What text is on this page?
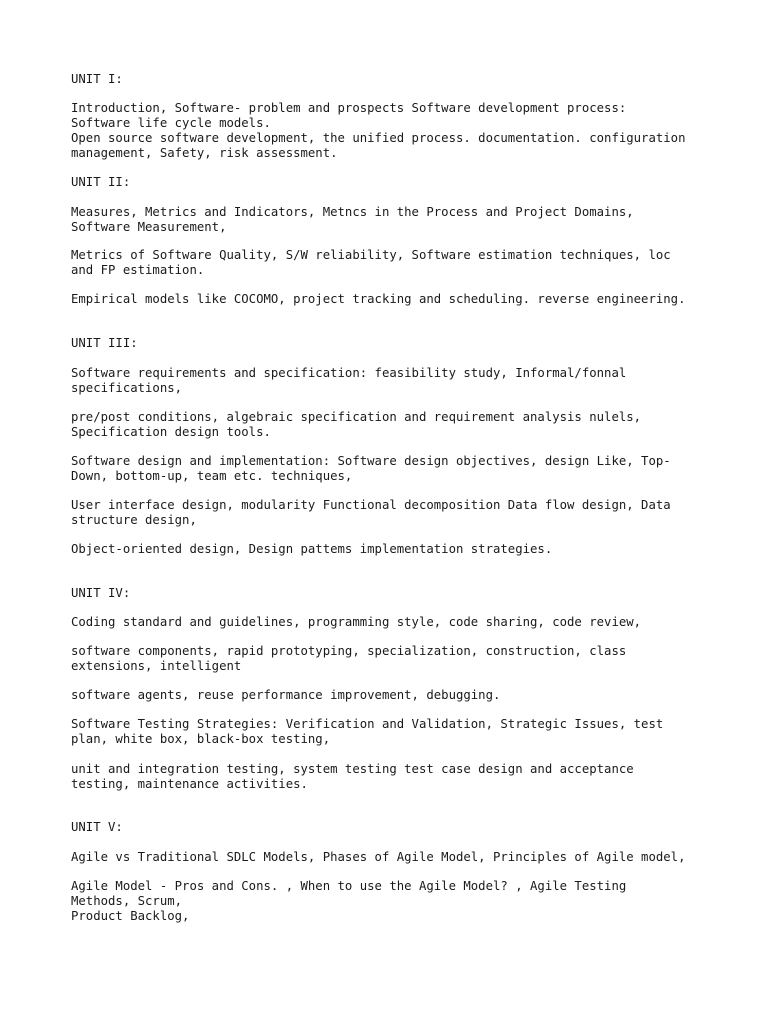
UNIT I:

Introduction, Software- problem and prospects Software development process:

Software life cycle models.

Open source software development, the unified process. documentation. configuration

management, Safety, risk assessment.

UNIT II:

Measures, Metrics and Indicators, Metncs in the Process and Project Domains,

Software Measurement,

Metrics of Software Quality, S/W reliability, Software estimation techniques, loc

and FP estimation.

Empirical models like COCOMO, project tracking and scheduling. reverse engineering.

UNIT III:

Software requirements and specification: feasibility study, Informal/fonnal

specifications,

pre/post conditions, algebraic specification and requirement analysis nulels,

Specification design tools.

Software design and implementation: Software design objectives, design Like, Top-

Down, bottom-up, team etc. techniques,

User interface design, modularity Functional decomposition Data flow design, Data

structure design,

Object-oriented design, Design pattems implementation strategies.

UNIT IV:

Coding standard and guidelines, programming style, code sharing, code review,

software components, rapid prototyping, specialization, construction, class

extensions, intelligent

software agents, reuse performance improvement, debugging.

Software Testing Strategies: Verification and Validation, Strategic Issues, test

plan, white box, black-box testing,

unit and integration testing, system testing test case design and acceptance

testing, maintenance activities.

UNIT V:

Agile vs Traditional SDLC Models, Phases of Agile Model, Principles of Agile model,

Agile Model - Pros and Cons. , When to use the Agile Model? , Agile Testing

Methods, Scrum,

Product Backlog,
